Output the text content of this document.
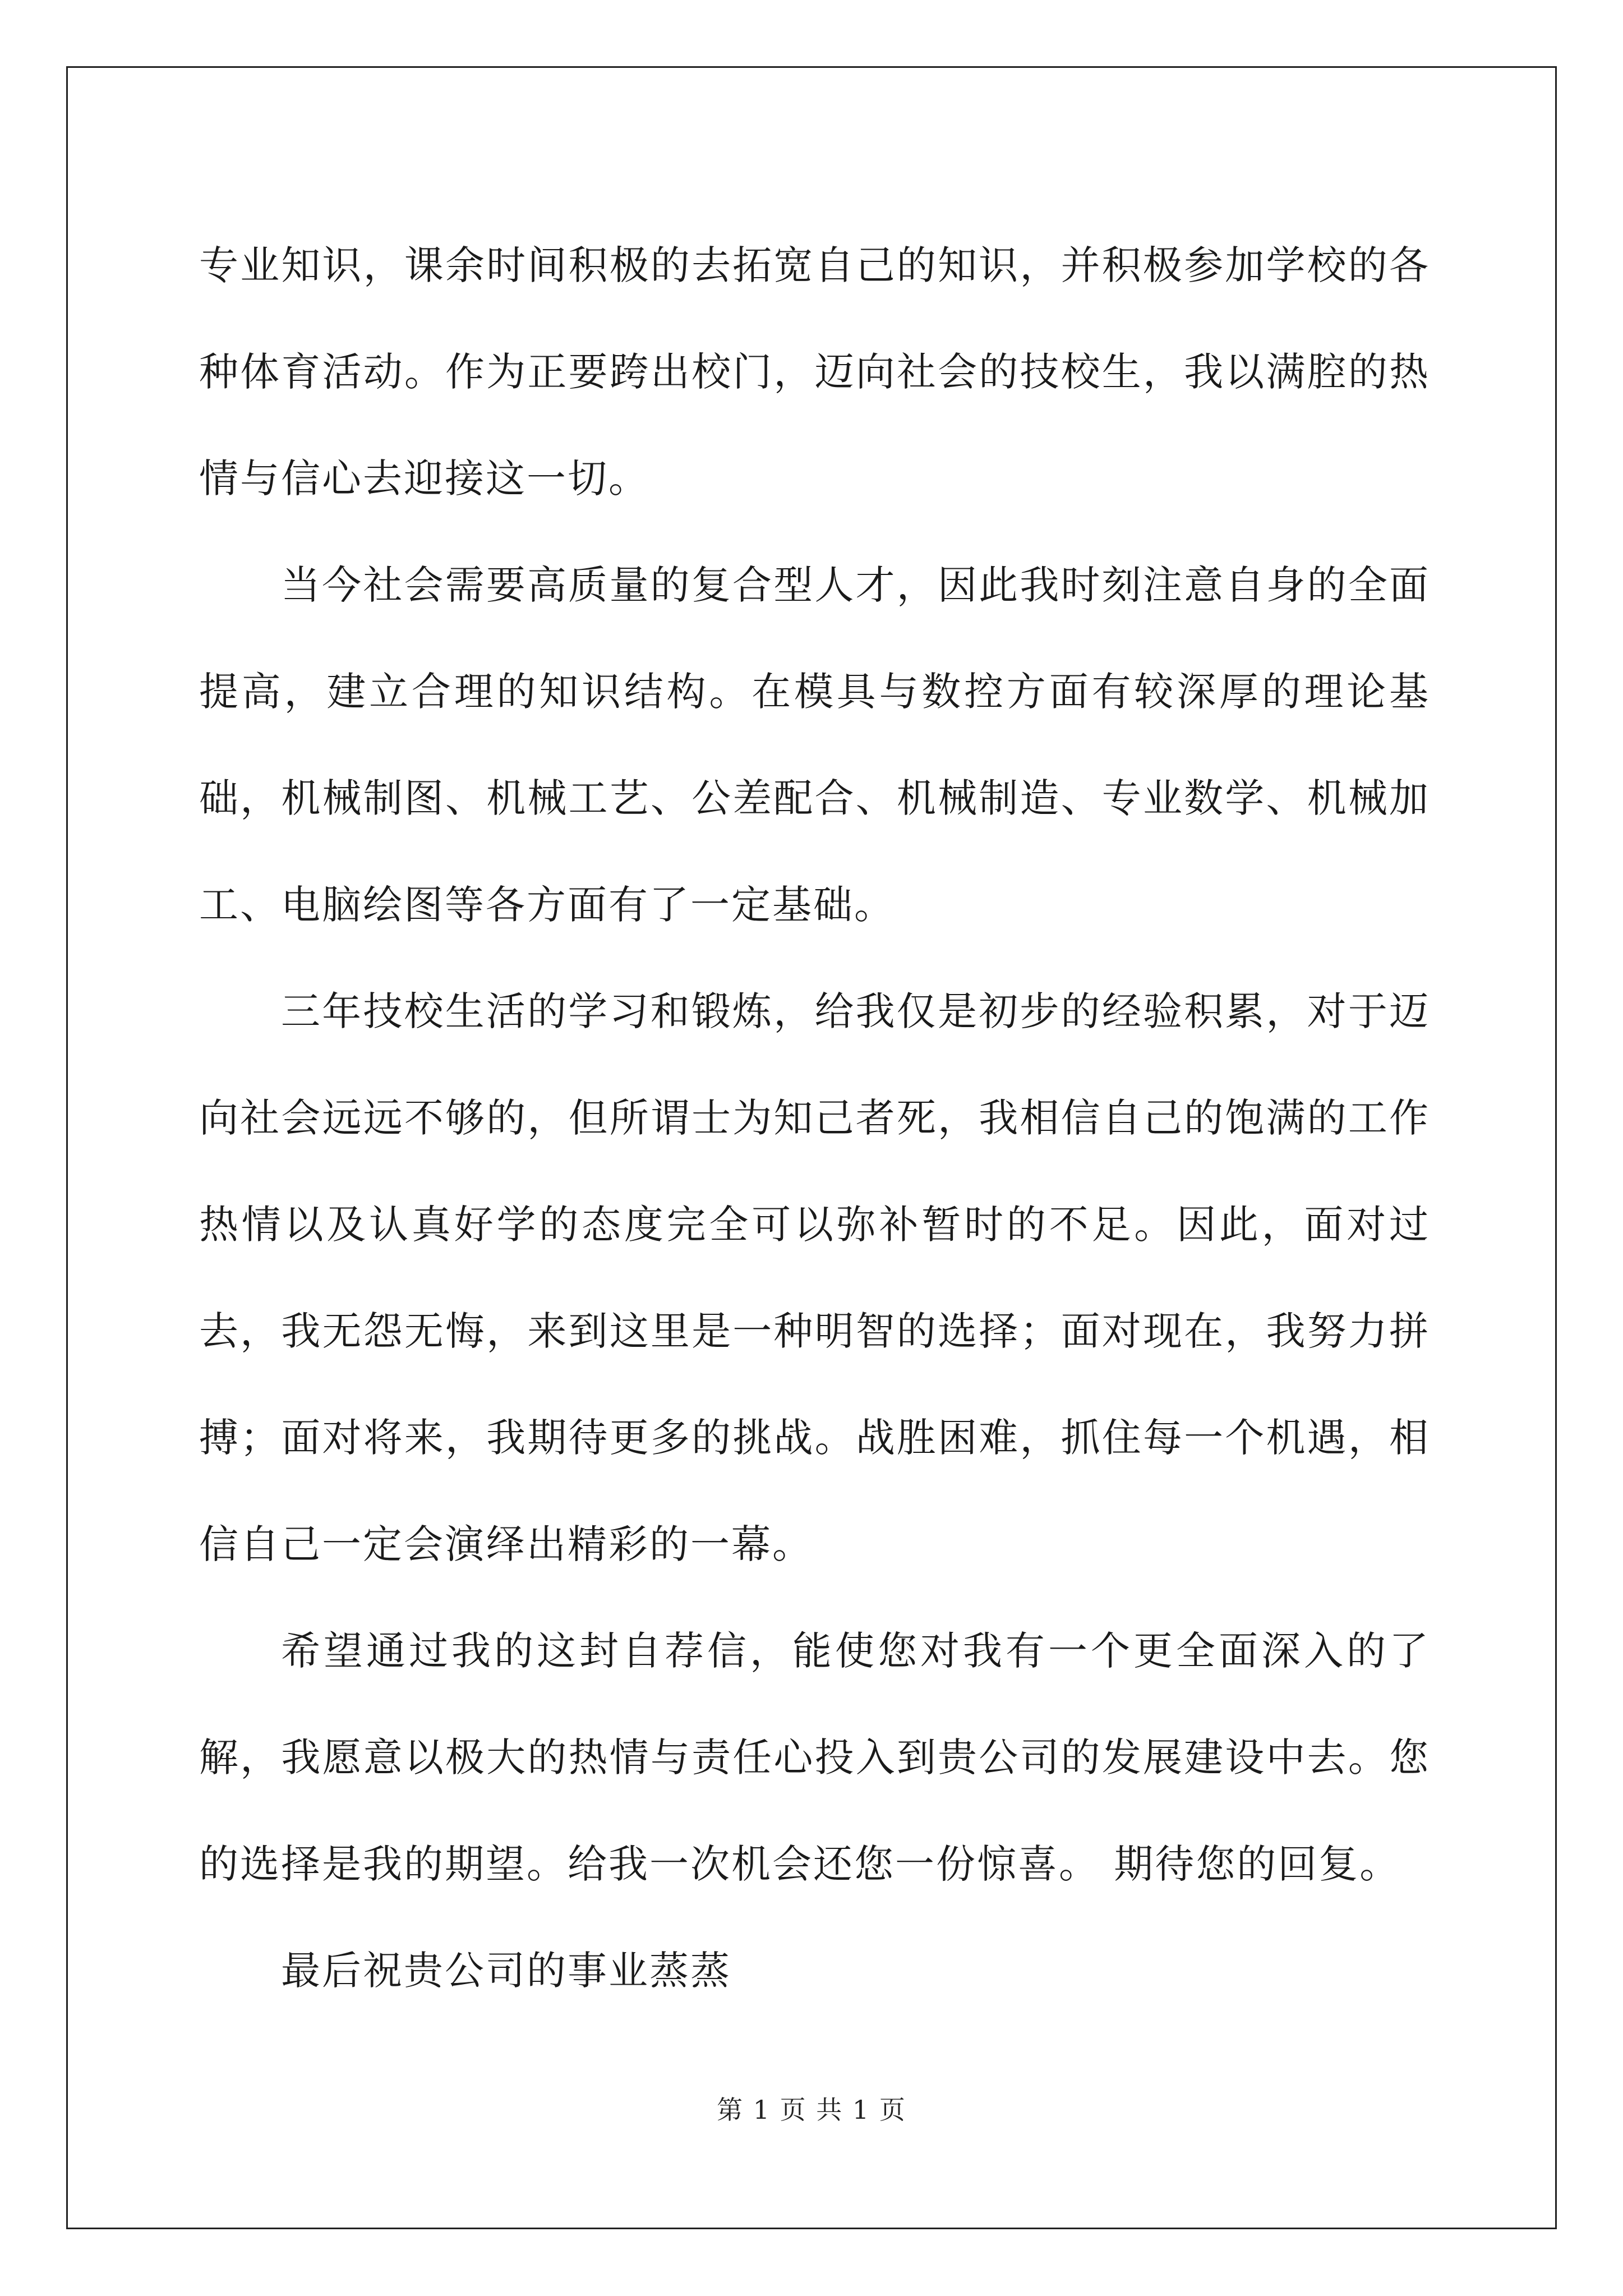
专业知识，课余时间积极的去拓宽自己的知识，并积极参加学校的各种体育活动。作为正要跨出校门，迈向社会的技校生，我以满腔的热情与信心去迎接这一切。

当今社会需要高质量的复合型人才，因此我时刻注意自身的全面提高，建立合理的知识结构。在模具与数控方面有较深厚的理论基础，机械制图、机械工艺、公差配合、机械制造、专业数学、机械加工、电脑绘图等各方面有了一定基础。

三年技校生活的学习和锻炼，给我仅是初步的经验积累，对于迈向社会远远不够的，但所谓士为知己者死，我相信自己的饱满的工作热情以及认真好学的态度完全可以弥补暂时的不足。因此，面对过去，我无怨无悔，来到这里是一种明智的选择；面对现在，我努力拼搏；面对将来，我期待更多的挑战。战胜困难，抓住每一个机遇，相信自己一定会演绎出精彩的一幕。

希望通过我的这封自荐信，能使您对我有一个更全面深入的了解，我愿意以极大的热情与责任心投入到贵公司的发展建设中去。您的选择是我的期望。给我一次机会还您一份惊喜。 期待您的回复。

最后祝贵公司的事业蒸蒸

第 1 页 共 1 页
